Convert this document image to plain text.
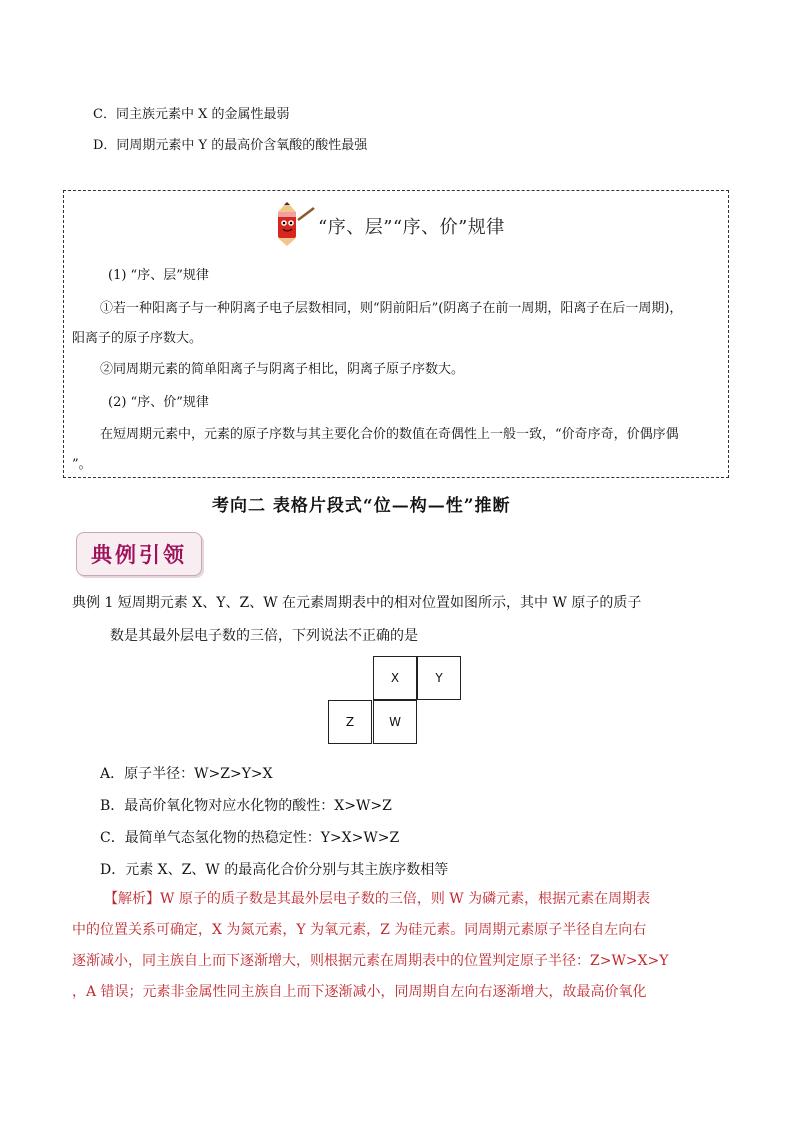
C．同主族元素中 X 的金属性最弱
D．同周期元素中 Y 的最高价含氧酸的酸性最强
“序、层”“序、价”规律
(1) “序、层”规律
①若一种阳离子与一种阴离子电子层数相同，则“阴前阳后”(阴离子在前一周期，阳离子在后一周期)，
阳离子的原子序数大。
②同周期元素的简单阳离子与阴离子相比，阴离子原子序数大。
(2) “序、价”规律
在短周期元素中，元素的原子序数与其主要化合价的数值在奇偶性上一般一致，“价奇序奇，价偶序偶
”。
考向二 表格片段式“位—构—性”推断
典例引领
典例 1 短周期元素 X、Y、Z、W 在元素周期表中的相对位置如图所示，其中 W 原子的质子
数是其最外层电子数的三倍，下列说法不正确的是
X	Y
Z	W
A．原子半径：W>Z>Y>X
B．最高价氧化物对应水化物的酸性：X>W>Z
C．最简单气态氢化物的热稳定性：Y>X>W>Z
D．元素 X、Z、W 的最高化合价分别与其主族序数相等
【解析】W 原子的质子数是其最外层电子数的三倍，则 W 为磷元素，根据元素在周期表
中的位置关系可确定，X 为氮元素，Y 为氧元素，Z 为硅元素。同周期元素原子半径自左向右
逐渐减小，同主族自上而下逐渐增大，则根据元素在周期表中的位置判定原子半径：Z>W>X>Y
，A 错误；元素非金属性同主族自上而下逐渐减小，同周期自左向右逐渐增大，故最高价氧化
